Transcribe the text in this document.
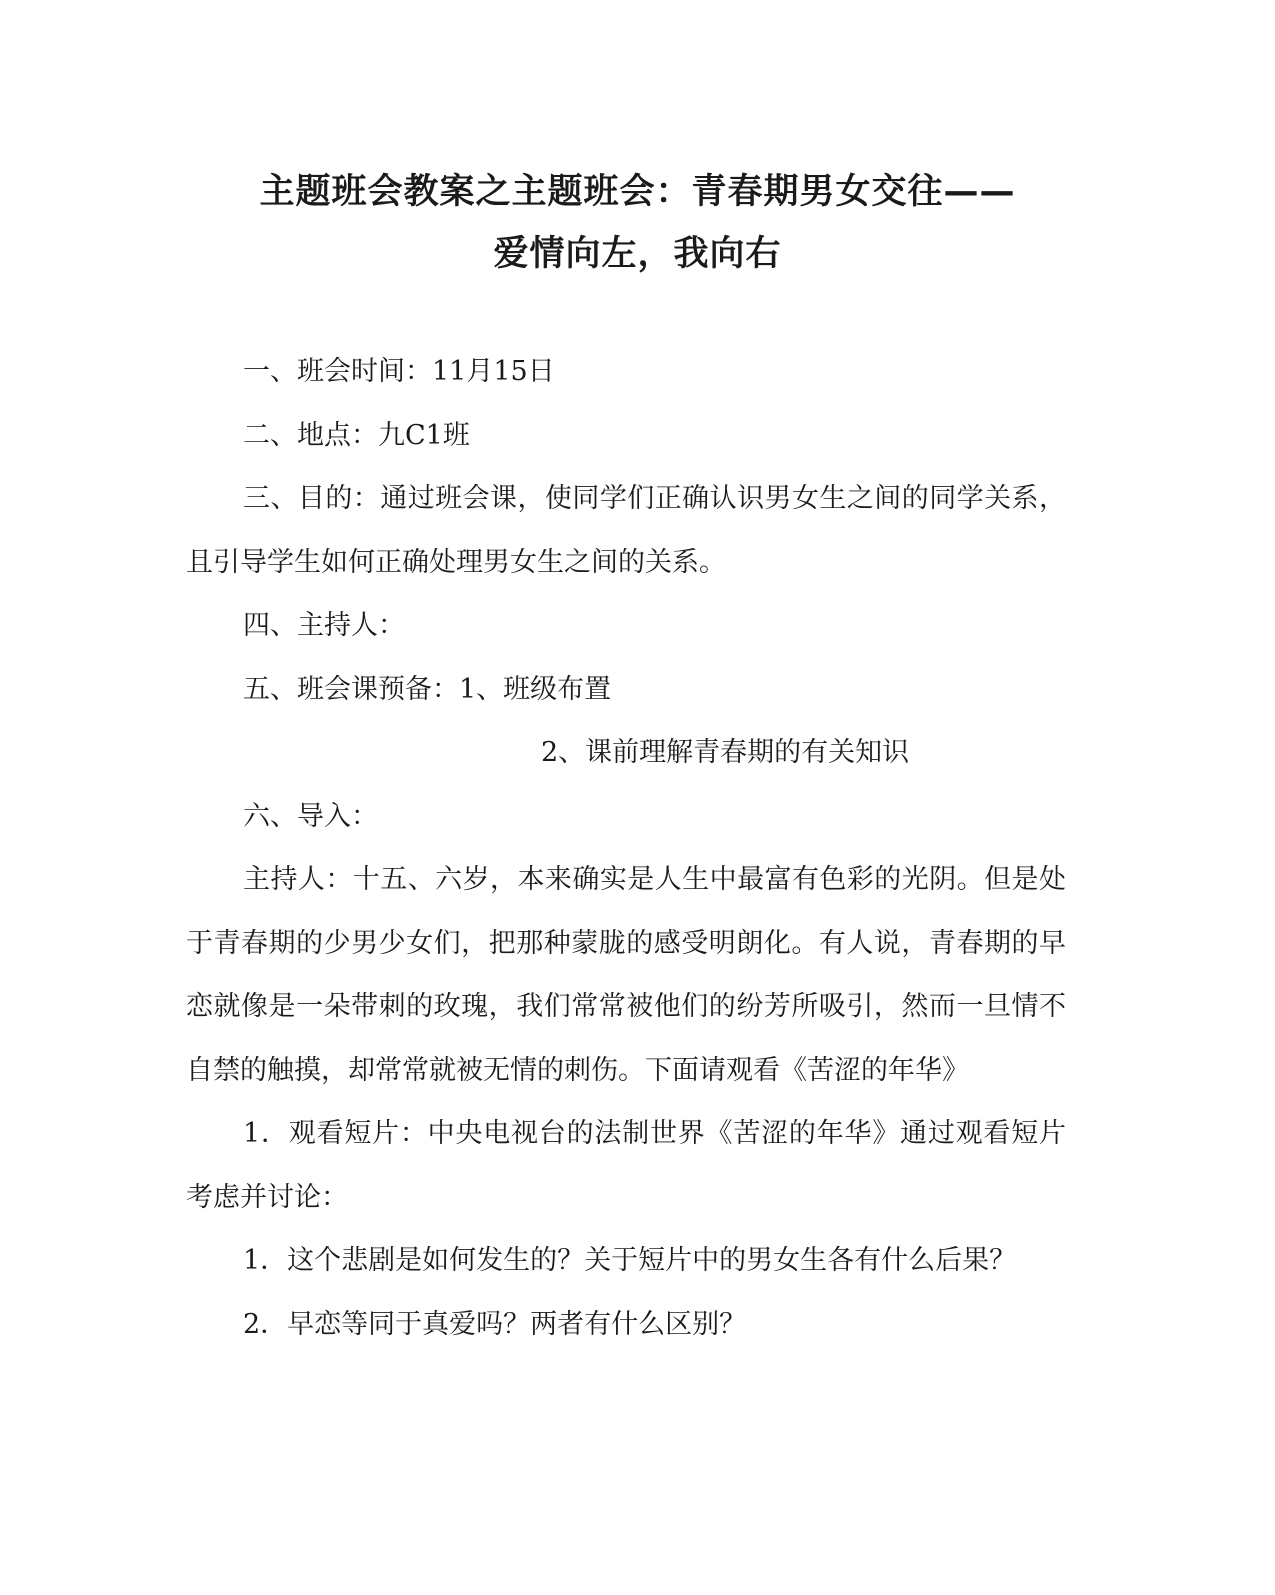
主题班会教案之主题班会：青春期男女交往——
爱情向左，我向右

一、班会时间：11月15日

二、地点：九C1班

三、目的：通过班会课，使同学们正确认识男女生之间的同学关系，且引导学生如何正确处理男女生之间的关系。

四、主持人：

五、班会课预备：1、班级布置

2、课前理解青春期的有关知识

六、导入：

主持人：十五、六岁，本来确实是人生中最富有色彩的光阴。但是处于青春期的少男少女们，把那种蒙胧的感受明朗化。有人说，青春期的早恋就像是一朵带刺的玫瑰，我们常常被他们的纷芳所吸引，然而一旦情不自禁的触摸，却常常就被无情的刺伤。下面请观看《苦涩的年华》

1．观看短片：中央电视台的法制世界《苦涩的年华》通过观看短片考虑并讨论：

1．这个悲剧是如何发生的？关于短片中的男女生各有什么后果？

2．早恋等同于真爱吗？两者有什么区别？
